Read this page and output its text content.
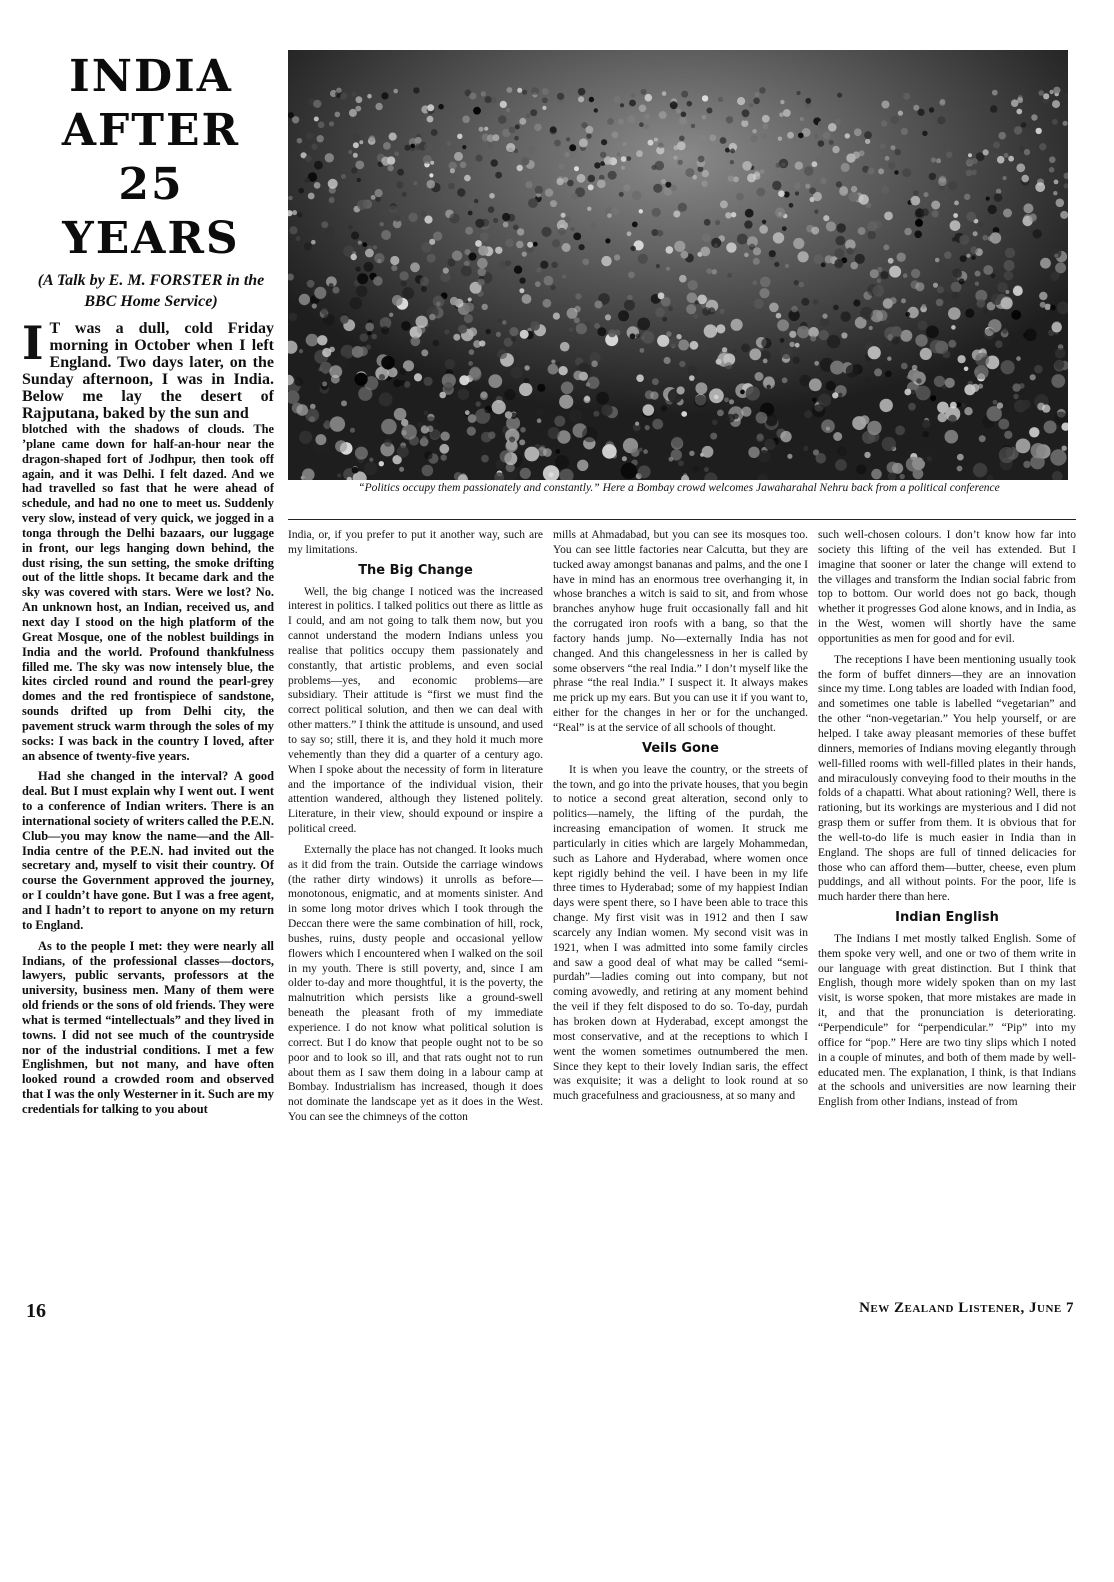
INDIA
AFTER
25
YEARS
(A Talk by E. M. FORSTER in the BBC Home Service)
“Politics occupy them passionately and constantly.” Here a Bombay crowd welcomes Jawaharahal Nehru back from a political conference
I T was a dull, cold Friday morning in October when I left England. Two days later, on the Sunday afternoon, I was in India. Below me lay the desert of Rajputana, baked by the sun and

blotched with the shadows of clouds. The ’plane came down for half-an-hour near the dragon-shaped fort of Jodhpur, then took off again, and it was Delhi. I felt dazed. And we had travelled so fast that he were ahead of schedule, and had no one to meet us. Suddenly very slow, instead of very quick, we jogged in a tonga through the Delhi bazaars, our luggage in front, our legs hanging down behind, the dust rising, the sun setting, the smoke drifting out of the little shops. It became dark and the sky was covered with stars. Were we lost? No. An unknown host, an Indian, received us, and next day I stood on the high platform of the Great Mosque, one of the noblest buildings in India and the world. Profound thankfulness filled me. The sky was now intensely blue, the kites circled round and round the pearl-grey domes and the red frontispiece of sandstone, sounds drifted up from Delhi city, the pavement struck warm through the soles of my socks: I was back in the country I loved, after an absence of twenty-five years.

Had she changed in the interval? A good deal. But I must explain why I went out. I went to a conference of Indian writers. There is an international society of writers called the P.E.N. Club—you may know the name—and the All-India centre of the P.E.N. had invited out the secretary and, myself to visit their country. Of course the Government approved the journey, or I couldn’t have gone. But I was a free agent, and I hadn’t to report to anyone on my return to England.

As to the people I met: they were nearly all Indians, of the professional classes—doctors, lawyers, public servants, professors at the university, business men. Many of them were old friends or the sons of old friends. They were what is termed “intellectuals” and they lived in towns. I did not see much of the countryside nor of the industrial conditions. I met a few Englishmen, but not many, and have often looked round a crowded room and observed that I was the only Westerner in it. Such are my credentials for talking to you about

India, or, if you prefer to put it another way, such are my limitations.

The Big Change

Well, the big change I noticed was the increased interest in politics. I talked politics out there as little as I could, and am not going to talk them now, but you cannot understand the modern Indians unless you realise that politics occupy them passionately and constantly, that artistic problems, and even social problems—yes, and economic problems—are subsidiary. Their attitude is “first we must find the correct political solution, and then we can deal with other matters.” I think the attitude is unsound, and used to say so; still, there it is, and they hold it much more vehemently than they did a quarter of a century ago. When I spoke about the necessity of form in literature and the importance of the individual vision, their attention wandered, although they listened politely. Literature, in their view, should expound or inspire a political creed.

Externally the place has not changed. It looks much as it did from the train. Outside the carriage windows (the rather dirty windows) it unrolls as before—monotonous, enigmatic, and at moments sinister. And in some long motor drives which I took through the Deccan there were the same combination of hill, rock, bushes, ruins, dusty people and occasional yellow flowers which I encountered when I walked on the soil in my youth. There is still poverty, and, since I am older to-day and more thoughtful, it is the poverty, the malnutrition which persists like a ground-swell beneath the pleasant froth of my immediate experience. I do not know what political solution is correct. But I do know that people ought not to be so poor and to look so ill, and that rats ought not to run about them as I saw them doing in a labour camp at Bombay. Industrialism has increased, though it does not dominate the landscape yet as it does in the West. You can see the chimneys of the cotton

mills at Ahmadabad, but you can see its mosques too. You can see little factories near Calcutta, but they are tucked away amongst bananas and palms, and the one I have in mind has an enormous tree overhanging it, in whose branches a witch is said to sit, and from whose branches anyhow huge fruit occasionally fall and hit the corrugated iron roofs with a bang, so that the factory hands jump. No—externally India has not changed. And this changelessness in her is called by some observers “the real India.” I don’t myself like the phrase “the real India.” I suspect it. It always makes me prick up my ears. But you can use it if you want to, either for the changes in her or for the unchanged. “Real” is at the service of all schools of thought.

Veils Gone

It is when you leave the country, or the streets of the town, and go into the private houses, that you begin to notice a second great alteration, second only to politics—namely, the lifting of the purdah, the increasing emancipation of women. It struck me particularly in cities which are largely Mohammedan, such as Lahore and Hyderabad, where women once kept rigidly behind the veil. I have been in my life three times to Hyderabad; some of my happiest Indian days were spent there, so I have been able to trace this change. My first visit was in 1912 and then I saw scarcely any Indian women. My second visit was in 1921, when I was admitted into some family circles and saw a good deal of what may be called “semi-purdah”—ladies coming out into company, but not coming avowedly, and retiring at any moment behind the veil if they felt disposed to do so. To-day, purdah has broken down at Hyderabad, except amongst the most conservative, and at the receptions to which I went the women sometimes outnumbered the men. Since they kept to their lovely Indian saris, the effect was exquisite; it was a delight to look round at so much gracefulness and graciousness, at so many and

such well-chosen colours. I don’t know how far into society this lifting of the veil has extended. But I imagine that sooner or later the change will extend to the villages and transform the Indian social fabric from top to bottom. Our world does not go back, though whether it progresses God alone knows, and in India, as in the West, women will shortly have the same opportunities as men for good and for evil.

The receptions I have been mentioning usually took the form of buffet dinners—they are an innovation since my time. Long tables are loaded with Indian food, and sometimes one table is labelled “vegetarian” and the other “non-vegetarian.” You help yourself, or are helped. I take away pleasant memories of these buffet dinners, memories of Indians moving elegantly through well-filled rooms with well-filled plates in their hands, and miraculously conveying food to their mouths in the folds of a chapatti. What about rationing? Well, there is rationing, but its workings are mysterious and I did not grasp them or suffer from them. It is obvious that for the well-to-do life is much easier in India than in England. The shops are full of tinned delicacies for those who can afford them—butter, cheese, even plum puddings, and all without points. For the poor, life is much harder there than here.

Indian English

The Indians I met mostly talked English. Some of them spoke very well, and one or two of them write in our language with great distinction. But I think that English, though more widely spoken than on my last visit, is worse spoken, that more mistakes are made in it, and that the pronunciation is deteriorating. “Perpendicule” for “perpendicular.” “Pip” into my office for “pop.” Here are two tiny slips which I noted in a couple of minutes, and both of them made by well-educated men. The explanation, I think, is that Indians at the schools and universities are now learning their English from other Indians, instead of from

16	New Zealand Listener, June 7
